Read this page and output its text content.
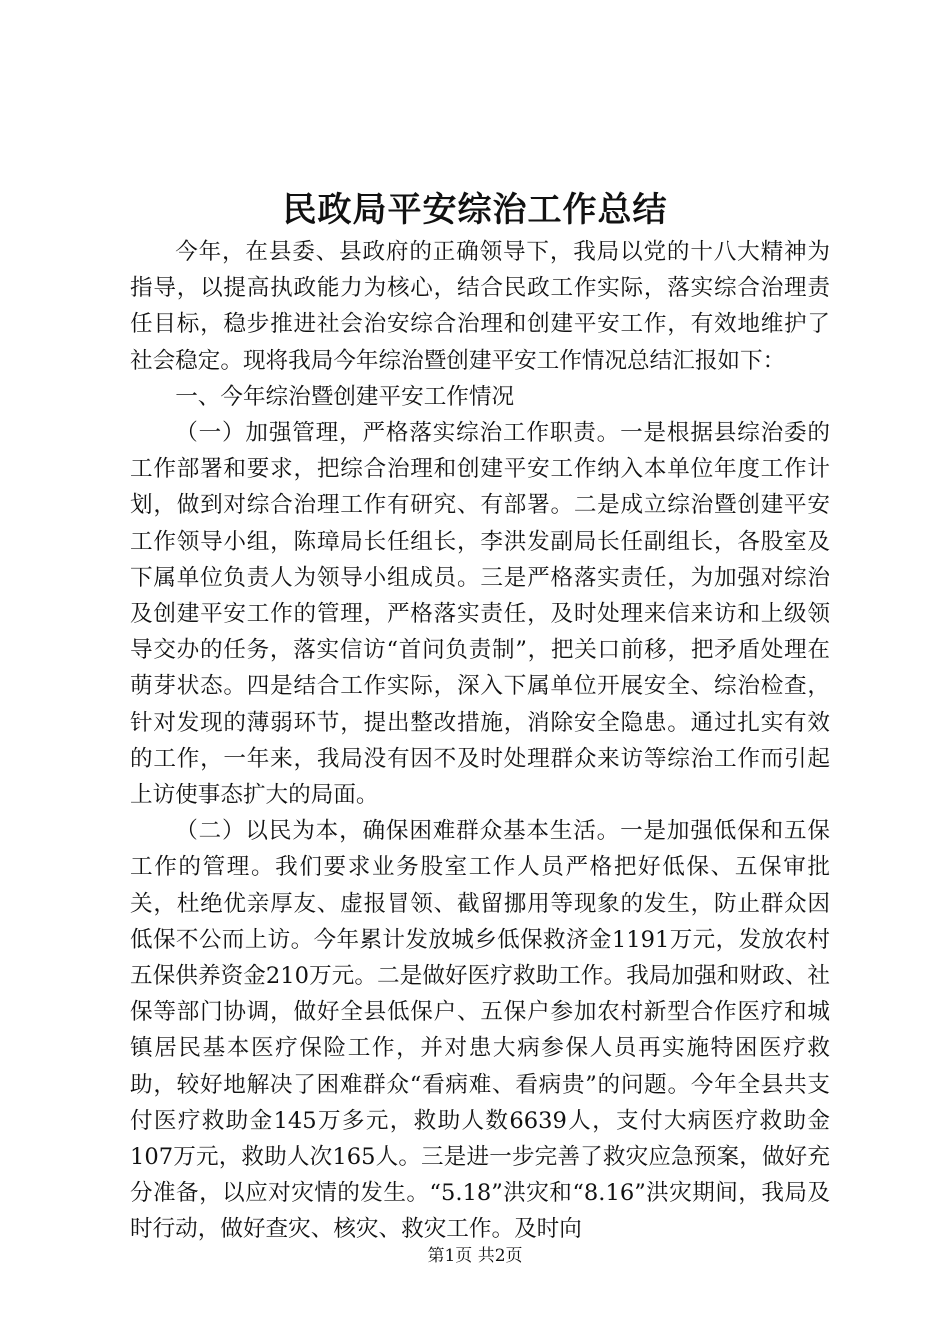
民政局平安综治工作总结

今年，在县委、县政府的正确领导下，我局以党的十八大精神为指导，以提高执政能力为核心，结合民政工作实际，落实综合治理责任目标，稳步推进社会治安综合治理和创建平安工作，有效地维护了社会稳定。现将我局今年综治暨创建平安工作情况总结汇报如下：

一、今年综治暨创建平安工作情况

（一）加强管理，严格落实综治工作职责。一是根据县综治委的工作部署和要求，把综合治理和创建平安工作纳入本单位年度工作计划，做到对综合治理工作有研究、有部署。二是成立综治暨创建平安工作领导小组，陈璋局长任组长，李洪发副局长任副组长，各股室及下属单位负责人为领导小组成员。三是严格落实责任，为加强对综治及创建平安工作的管理，严格落实责任，及时处理来信来访和上级领导交办的任务，落实信访“首问负责制”，把关口前移，把矛盾处理在萌芽状态。四是结合工作实际，深入下属单位开展安全、综治检查，针对发现的薄弱环节，提出整改措施，消除安全隐患。通过扎实有效的工作，一年来，我局没有因不及时处理群众来访等综治工作而引起上访使事态扩大的局面。

（二）以民为本，确保困难群众基本生活。一是加强低保和五保工作的管理。我们要求业务股室工作人员严格把好低保、五保审批关，杜绝优亲厚友、虚报冒领、截留挪用等现象的发生，防止群众因低保不公而上访。今年累计发放城乡低保救济金1191万元，发放农村五保供养资金210万元。二是做好医疗救助工作。我局加强和财政、社保等部门协调，做好全县低保户、五保户参加农村新型合作医疗和城镇居民基本医疗保险工作，并对患大病参保人员再实施特困医疗救助，较好地解决了困难群众“看病难、看病贵”的问题。今年全县共支付医疗救助金145万多元，救助人数6639人，支付大病医疗救助金107万元，救助人次165人。三是进一步完善了救灾应急预案，做好充分准备，以应对灾情的发生。“5.18”洪灾和“8.16”洪灾期间，我局及时行动，做好查灾、核灾、救灾工作。及时向

第1页 共2页
